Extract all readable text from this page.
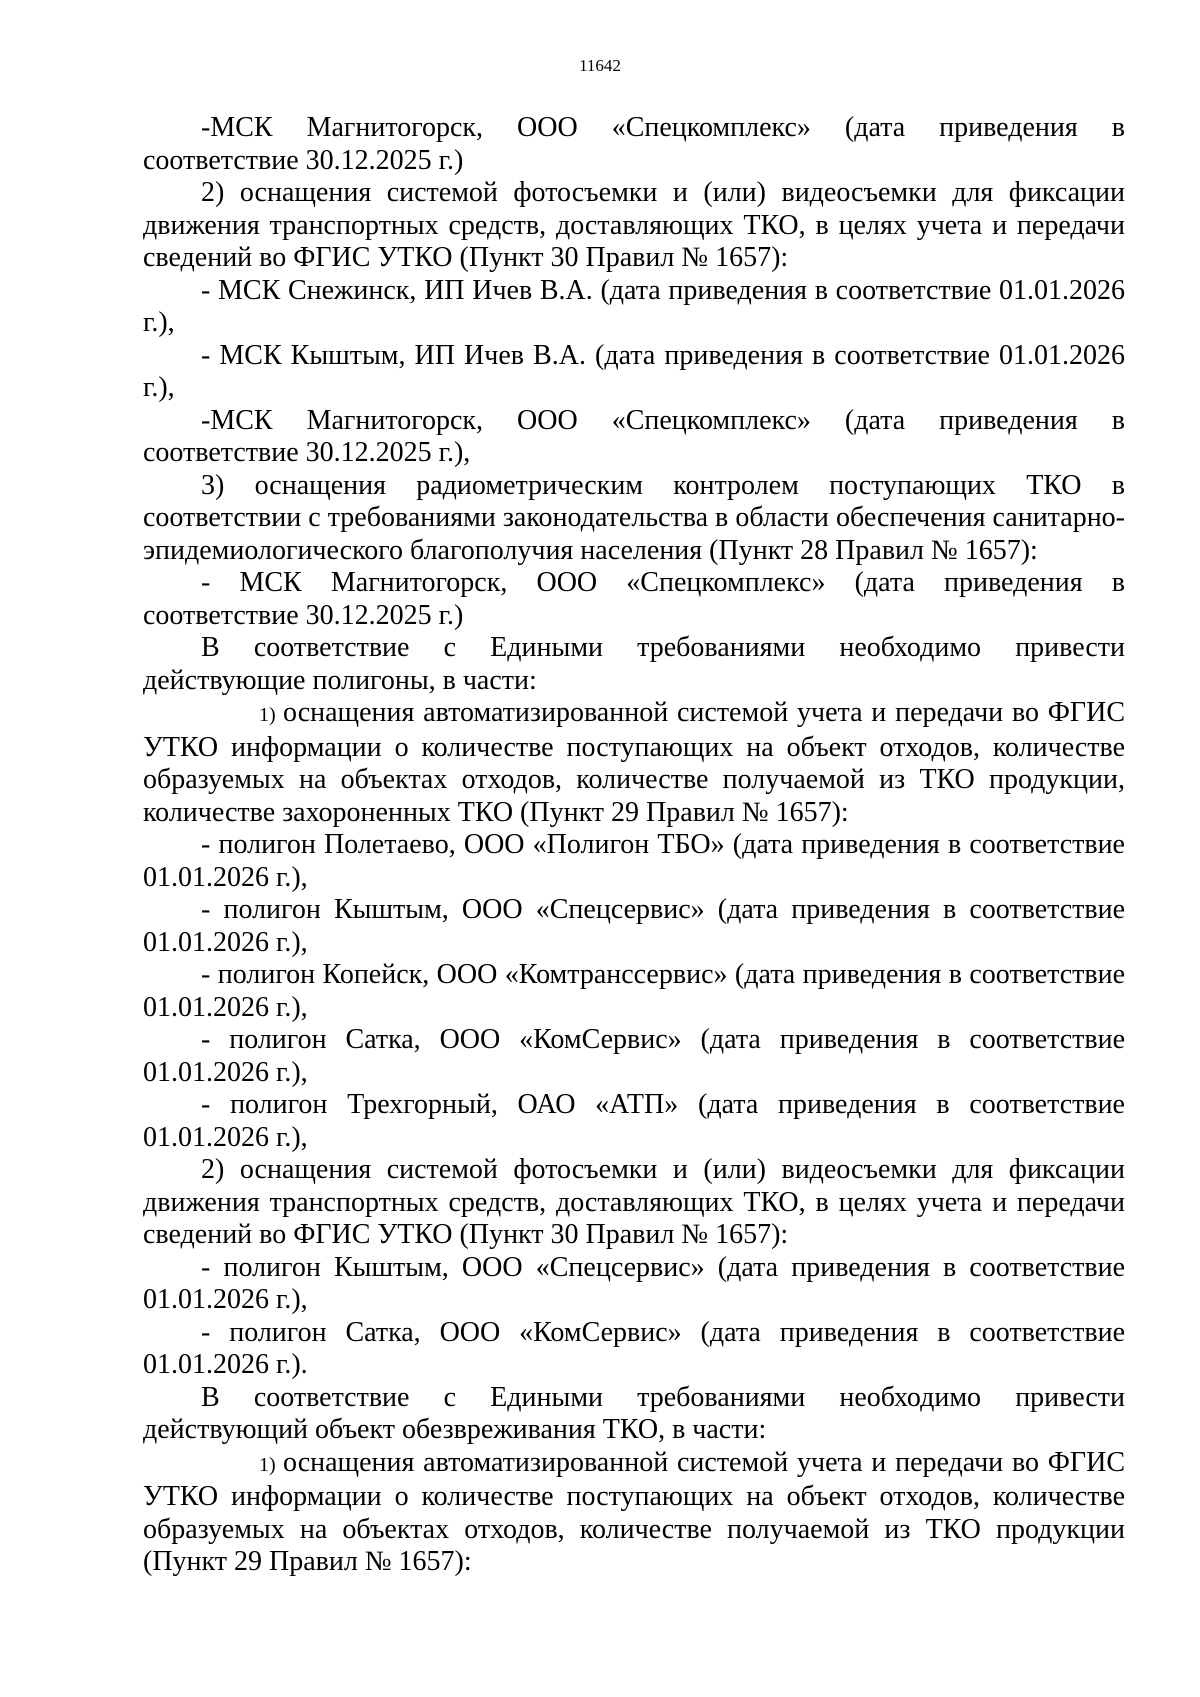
11642

-МСК Магнитогорск, ООО «Спецкомплекс» (дата приведения в соответствие 30.12.2025 г.)

2) оснащения системой фотосъемки и (или) видеосъемки для фиксации движения транспортных средств, доставляющих ТКО, в целях учета и передачи сведений во ФГИС УТКО (Пункт 30 Правил № 1657):

- МСК Снежинск, ИП Ичев В.А. (дата приведения в соответствие 01.01.2026 г.),

- МСК Кыштым, ИП Ичев В.А. (дата приведения в соответствие 01.01.2026 г.),

-МСК Магнитогорск, ООО «Спецкомплекс» (дата приведения в соответствие 30.12.2025 г.),

3) оснащения радиометрическим контролем поступающих ТКО в соответствии с требованиями законодательства в области обеспечения санитарно-эпидемиологического благополучия населения (Пункт 28 Правил № 1657):

- МСК Магнитогорск, ООО «Спецкомплекс» (дата приведения в соответствие 30.12.2025 г.)

В соответствие с Едиными требованиями необходимо привести действующие полигоны, в части:

1) оснащения автоматизированной системой учета и передачи во ФГИС УТКО информации о количестве поступающих на объект отходов, количестве образуемых на объектах отходов, количестве получаемой из ТКО продукции, количестве захороненных ТКО (Пункт 29 Правил № 1657):

- полигон Полетаево, ООО «Полигон ТБО» (дата приведения в соответствие 01.01.2026 г.),

- полигон Кыштым, ООО «Спецсервис» (дата приведения в соответствие 01.01.2026 г.),

- полигон Копейск, ООО «Комтранссервис» (дата приведения в соответствие 01.01.2026 г.),

- полигон Сатка, ООО «КомСервис» (дата приведения в соответствие 01.01.2026 г.),

- полигон Трехгорный, ОАО «АТП» (дата приведения в соответствие 01.01.2026 г.),

2) оснащения системой фотосъемки и (или) видеосъемки для фиксации движения транспортных средств, доставляющих ТКО, в целях учета и передачи сведений во ФГИС УТКО (Пункт 30 Правил № 1657):

- полигон Кыштым, ООО «Спецсервис» (дата приведения в соответствие 01.01.2026 г.),

- полигон Сатка, ООО «КомСервис» (дата приведения в соответствие 01.01.2026 г.).

В соответствие с Едиными требованиями необходимо привести действующий объект обезвреживания ТКО, в части:

1) оснащения автоматизированной системой учета и передачи во ФГИС УТКО информации о количестве поступающих на объект отходов, количестве образуемых на объектах отходов, количестве получаемой из ТКО продукции (Пункт 29 Правил № 1657):
